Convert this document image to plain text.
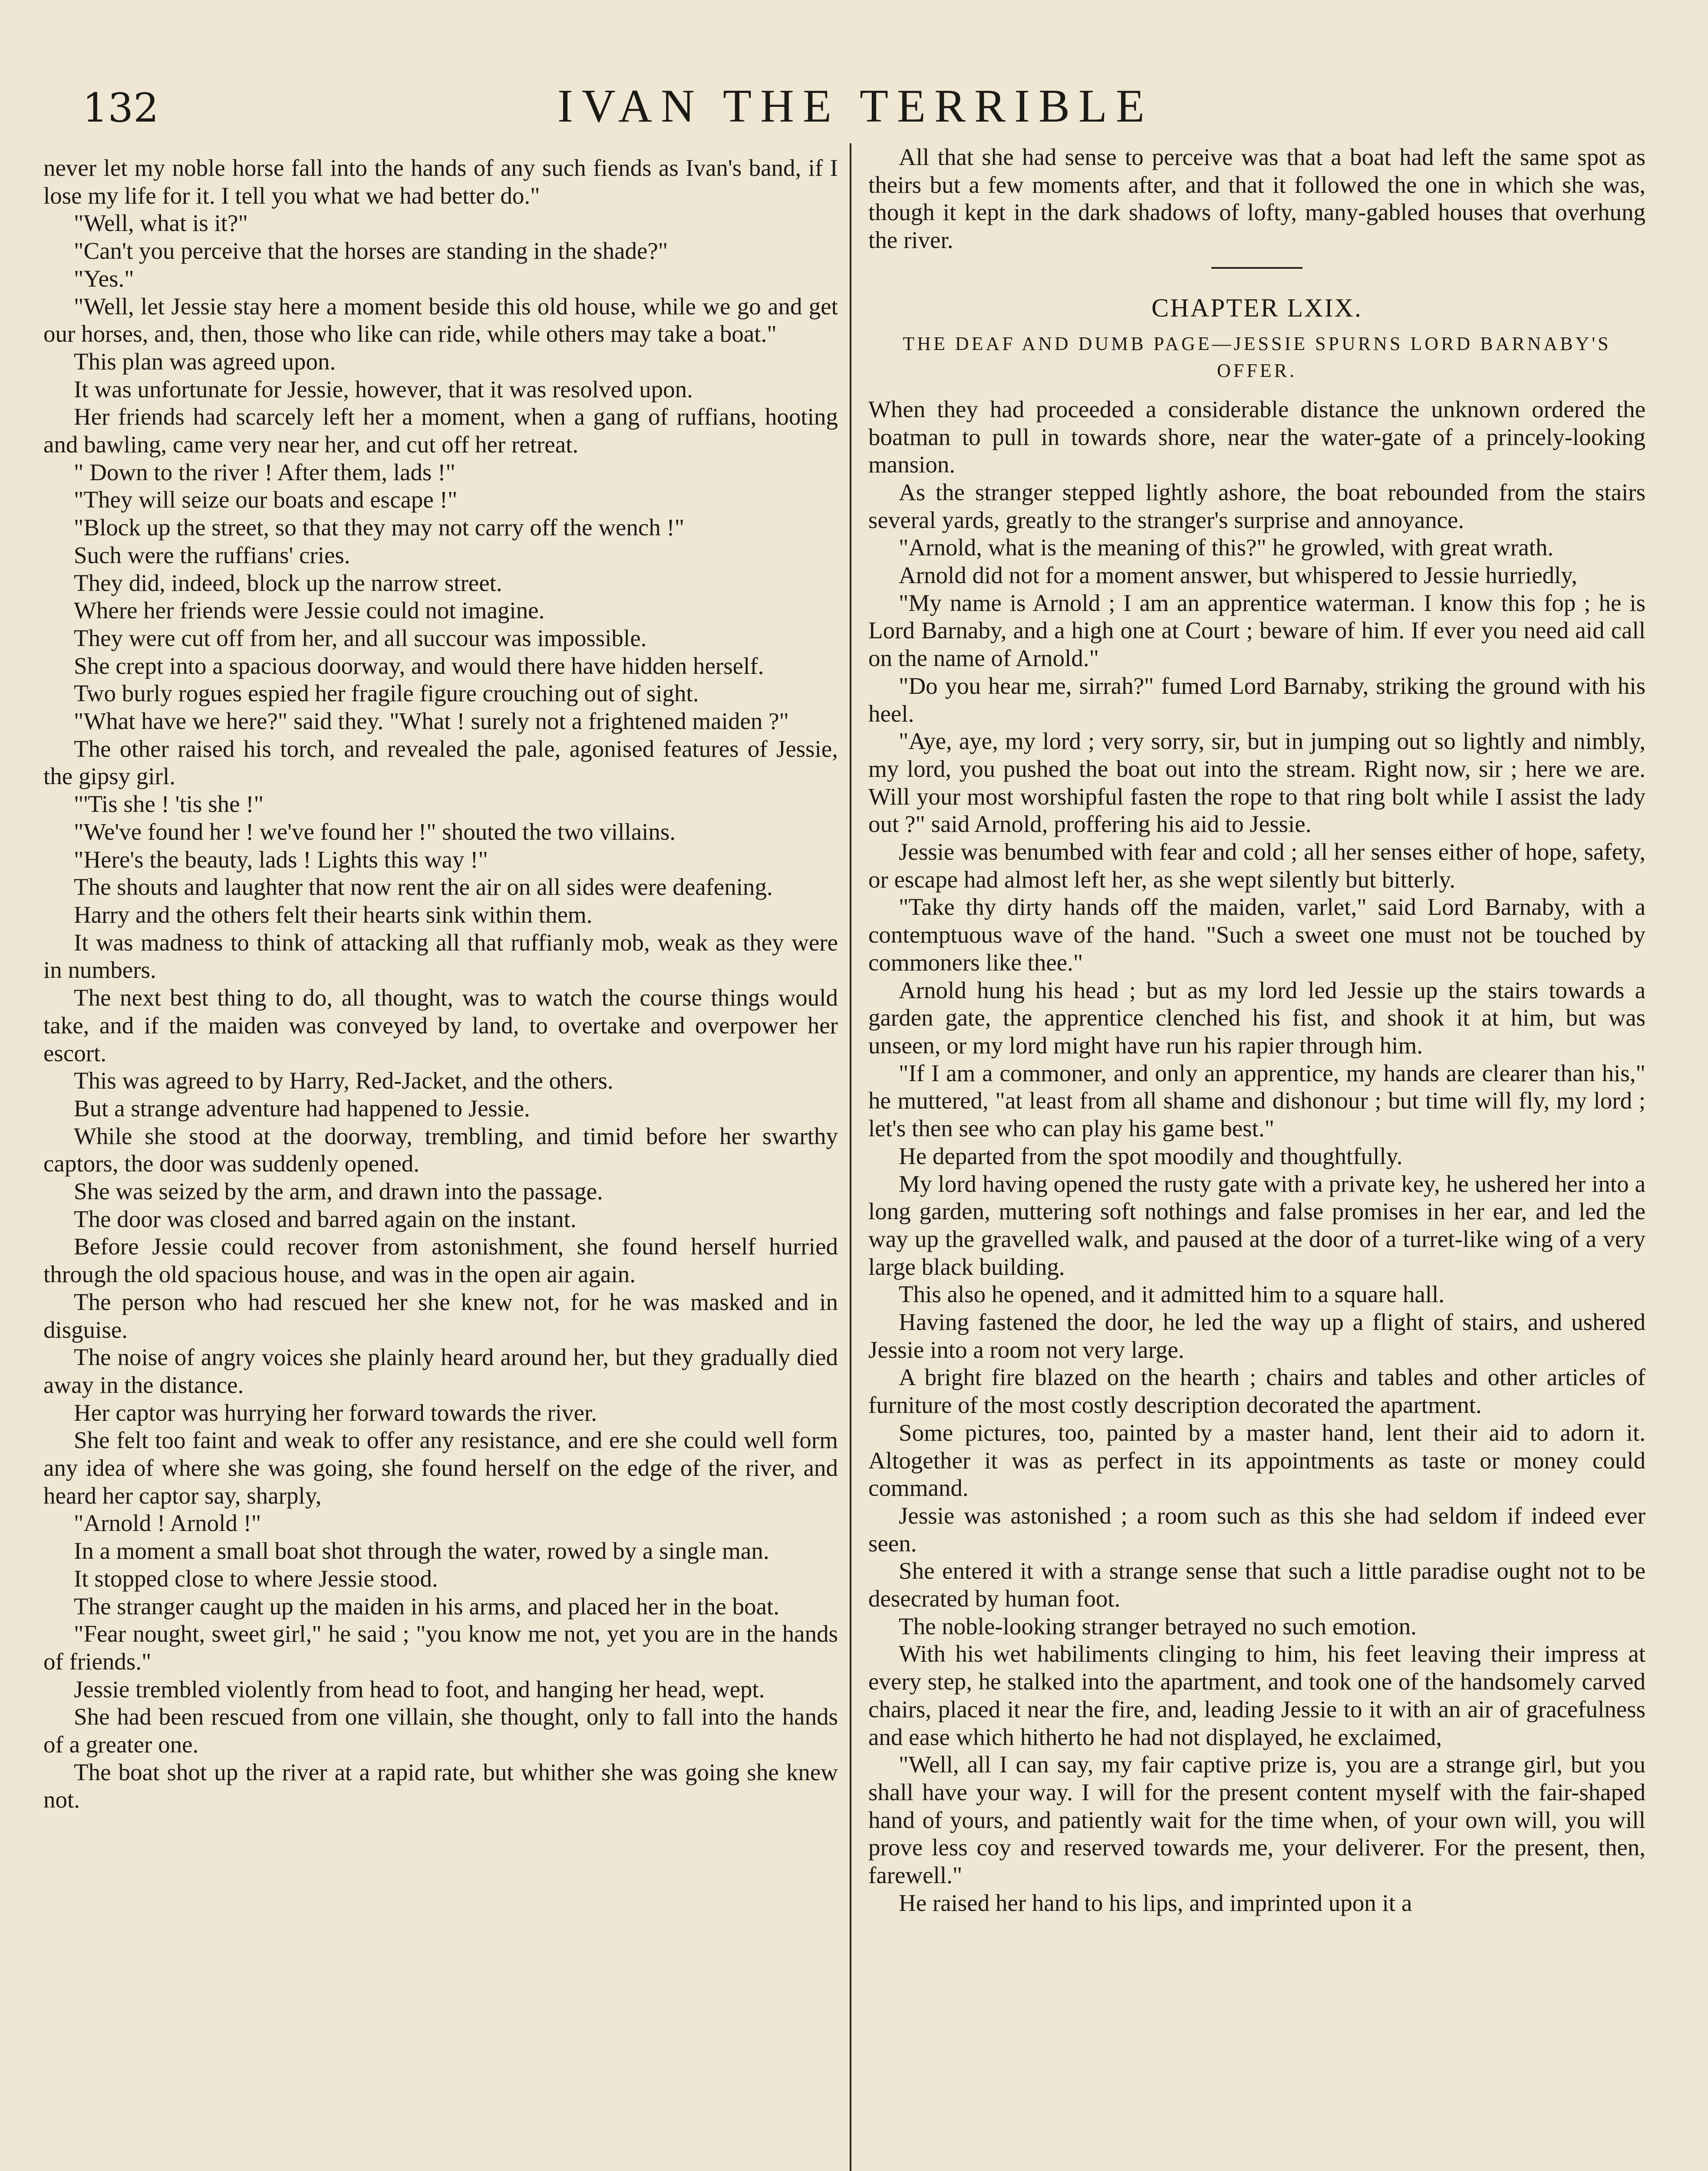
132	IVAN THE TERRIBLE

never let my noble horse fall into the hands of any such fiends as Ivan's band, if I lose my life for it. I tell you what we had better do."

"Well, what is it?"

"Can't you perceive that the horses are standing in the shade?"

"Yes."

"Well, let Jessie stay here a moment beside this old house, while we go and get our horses, and, then, those who like can ride, while others may take a boat."

This plan was agreed upon.

It was unfortunate for Jessie, however, that it was resolved upon.

Her friends had scarcely left her a moment, when a gang of ruffians, hooting and bawling, came very near her, and cut off her retreat.

" Down to the river ! After them, lads !"

"They will seize our boats and escape !"

"Block up the street, so that they may not carry off the wench !"

Such were the ruffians' cries.

They did, indeed, block up the narrow street.

Where her friends were Jessie could not imagine.

They were cut off from her, and all succour was impossible.

She crept into a spacious doorway, and would there have hidden herself.

Two burly rogues espied her fragile figure crouching out of sight.

"What have we here?" said they. "What ! surely not a frightened maiden ?"

The other raised his torch, and revealed the pale, agonised features of Jessie, the gipsy girl.

"'Tis she ! 'tis she !"

"We've found her ! we've found her !" shouted the two villains.

"Here's the beauty, lads ! Lights this way !"

The shouts and laughter that now rent the air on all sides were deafening.

Harry and the others felt their hearts sink within them.

It was madness to think of attacking all that ruffianly mob, weak as they were in numbers.

The next best thing to do, all thought, was to watch the course things would take, and if the maiden was conveyed by land, to overtake and overpower her escort.

This was agreed to by Harry, Red-Jacket, and the others.

But a strange adventure had happened to Jessie.

While she stood at the doorway, trembling, and timid before her swarthy captors, the door was suddenly opened.

She was seized by the arm, and drawn into the passage.

The door was closed and barred again on the instant.

Before Jessie could recover from astonishment, she found herself hurried through the old spacious house, and was in the open air again.

The person who had rescued her she knew not, for he was masked and in disguise.

The noise of angry voices she plainly heard around her, but they gradually died away in the distance.

Her captor was hurrying her forward towards the river.

She felt too faint and weak to offer any resistance, and ere she could well form any idea of where she was going, she found herself on the edge of the river, and heard her captor say, sharply,

"Arnold ! Arnold !"

In a moment a small boat shot through the water, rowed by a single man.

It stopped close to where Jessie stood.

The stranger caught up the maiden in his arms, and placed her in the boat.

"Fear nought, sweet girl," he said ; "you know me not, yet you are in the hands of friends."

Jessie trembled violently from head to foot, and hanging her head, wept.

She had been rescued from one villain, she thought, only to fall into the hands of a greater one.

The boat shot up the river at a rapid rate, but whither she was going she knew not.

All that she had sense to perceive was that a boat had left the same spot as theirs but a few moments after, and that it followed the one in which she was, though it kept in the dark shadows of lofty, many-gabled houses that overhung the river.

CHAPTER LXIX.
THE DEAF AND DUMB PAGE—JESSIE SPURNS LORD BARNABY'S OFFER.

When they had proceeded a considerable distance the unknown ordered the boatman to pull in towards shore, near the water-gate of a princely-looking mansion.

As the stranger stepped lightly ashore, the boat rebounded from the stairs several yards, greatly to the stranger's surprise and annoyance.

"Arnold, what is the meaning of this?" he growled, with great wrath.

Arnold did not for a moment answer, but whispered to Jessie hurriedly,

"My name is Arnold ; I am an apprentice waterman. I know this fop ; he is Lord Barnaby, and a high one at Court ; beware of him. If ever you need aid call on the name of Arnold."

"Do you hear me, sirrah?" fumed Lord Barnaby, striking the ground with his heel.

"Aye, aye, my lord ; very sorry, sir, but in jumping out so lightly and nimbly, my lord, you pushed the boat out into the stream. Right now, sir ; here we are. Will your most worshipful fasten the rope to that ring bolt while I assist the lady out ?" said Arnold, proffering his aid to Jessie.

Jessie was benumbed with fear and cold ; all her senses either of hope, safety, or escape had almost left her, as she wept silently but bitterly.

"Take thy dirty hands off the maiden, varlet," said Lord Barnaby, with a contemptuous wave of the hand. "Such a sweet one must not be touched by commoners like thee."

Arnold hung his head ; but as my lord led Jessie up the stairs towards a garden gate, the apprentice clenched his fist, and shook it at him, but was unseen, or my lord might have run his rapier through him.

"If I am a commoner, and only an apprentice, my hands are clearer than his," he muttered, "at least from all shame and dishonour ; but time will fly, my lord ; let's then see who can play his game best."

He departed from the spot moodily and thoughtfully.

My lord having opened the rusty gate with a private key, he ushered her into a long garden, muttering soft nothings and false promises in her ear, and led the way up the gravelled walk, and paused at the door of a turret-like wing of a very large black building.

This also he opened, and it admitted him to a square hall.

Having fastened the door, he led the way up a flight of stairs, and ushered Jessie into a room not very large.

A bright fire blazed on the hearth ; chairs and tables and other articles of furniture of the most costly description decorated the apartment.

Some pictures, too, painted by a master hand, lent their aid to adorn it. Altogether it was as perfect in its appointments as taste or money could command.

Jessie was astonished ; a room such as this she had seldom if indeed ever seen.

She entered it with a strange sense that such a little paradise ought not to be desecrated by human foot.

The noble-looking stranger betrayed no such emotion.

With his wet habiliments clinging to him, his feet leaving their impress at every step, he stalked into the apartment, and took one of the handsomely carved chairs, placed it near the fire, and, leading Jessie to it with an air of gracefulness and ease which hitherto he had not displayed, he exclaimed,

"Well, all I can say, my fair captive prize is, you are a strange girl, but you shall have your way. I will for the present content myself with the fair-shaped hand of yours, and patiently wait for the time when, of your own will, you will prove less coy and reserved towards me, your deliverer. For the present, then, farewell."

He raised her hand to his lips, and imprinted upon it a
